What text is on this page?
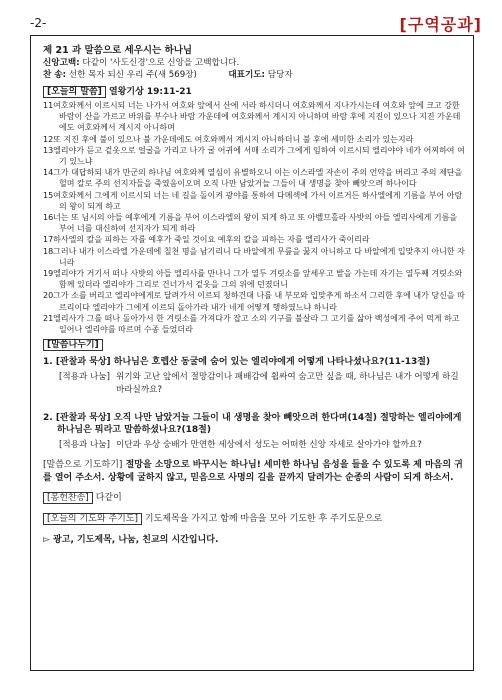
-2-	[구역공과]
제 21 과 말씀으로 세우시는 하나님
신앙고백: 다같이 '사도신경'으로 신앙을 고백합니다.
찬 송: 선한 목자 되신 우리 주(새 569장)	대표기도: 담당자
[오늘의 말씀] 열왕기상 19:11-21
11여호와께서 이르시되 너는 나가서 여호와 앞에서 산에 서라 하시더니 여호와께서 지나가시는데 여호와 앞에 크고 강한 바람이 산을 가르고 바위를 부수나 바람 가운데에 여호와께서 계시지 아니하며 바람 후에 지진이 있으나 지진 가운데에도 여호와께서 계시지 아니하며
12또 지진 후에 불이 있으나 불 가운데에도 여호와께서 계시지 아니하더니 불 후에 세미한 소리가 있는지라
13엘리야가 듣고 겉옷으로 얼굴을 가리고 나가 굴 어귀에 서매 소리가 그에게 임하여 이르시되 엘리야야 네가 어찌하여 여기 있느냐
14그가 대답하되 내가 만군의 하나님 여호와께 열심이 유별하오니 이는 이스라엘 자손이 주의 언약을 버리고 주의 제단을 헐며 칼로 주의 선지자들을 죽였음이오며 오직 나만 남았거늘 그들이 내 생명을 찾아 빼앗으려 하나이다
15여호와께서 그에게 이르시되 너는 네 길을 돌이켜 광야를 통하여 다메섹에 가서 이르거든 하사엘에게 기름을 부어 아람의 왕이 되게 하고
16너는 또 님시의 아들 예후에게 기름을 부어 이스라엘의 왕이 되게 하고 또 아벨므홀라 사밧의 아들 엘리사에게 기름을 부어 너를 대신하여 선지자가 되게 하라
17하사엘의 칼을 피하는 자를 예후가 죽일 것이요 예후의 칼을 피하는 자를 엘리사가 죽이리라
18그러나 내가 이스라엘 가운데에 칠천 명을 남기리니 다 바알에게 무릎을 꿇지 아니하고 다 바알에게 입맞추지 아니한 자니라
19엘리야가 거기서 떠나 사밧의 아들 엘리사를 만나니 그가 열두 겨릿소를 앞세우고 밭을 가는데 자기는 열두째 겨릿소와 함께 있더라 엘리야가 그리로 건너가서 겉옷을 그의 위에 던졌더니
20그가 소를 버리고 엘리야에게로 달려가서 이르되 청하건대 나를 내 부모와 입맞추게 하소서 그리한 후에 내가 당신을 따르리이다 엘리야가 그에게 이르되 돌아가라 내가 네게 어떻게 행하였느냐 하니라
21엘리사가 그를 떠나 돌아가서 한 겨릿소를 가져다가 잡고 소의 기구를 불살라 그 고기를 삶아 백성에게 주어 먹게 하고 일어나 엘리야를 따르며 수종 들었더라
[말씀나누기]
1. [관찰과 묵상] 하나님은 호렙산 동굴에 숨어 있는 엘리야에게 어떻게 나타나셨나요?(11-13절)
[적용과 나눔] 위기와 고난 앞에서 절망감이나 패배감에 휩싸여 숨고만 싶을 때, 하나님은 내가 어떻게 하길 바라실까요?
2. [관찰과 묵상] 오직 나만 남았거늘 그들이 내 생명을 찾아 빼앗으려 한다며(14절) 절망하는 엘리야에게 하나님은 뭐라고 말씀하셨나요?(18절)
[적용과 나눔] 이단과 우상 숭배가 만연한 세상에서 성도는 어떠한 신앙 자세로 살아가야 할까요?
[말씀으로 기도하기] 절망을 소망으로 바꾸시는 하나님! 세미한 하나님 음성을 들을 수 있도록 제 마음의 귀를 열어 주소서. 상황에 굴하지 않고, 믿음으로 사명의 길을 끝까지 달려가는 순종의 사람이 되게 하소서.
[봉헌찬송] 다같이
[오늘의 기도와 주기도] 기도제목을 가지고 함께 마음을 모아 기도한 후 주기도문으로
▻ 광고, 기도제목, 나눔, 친교의 시간입니다.
